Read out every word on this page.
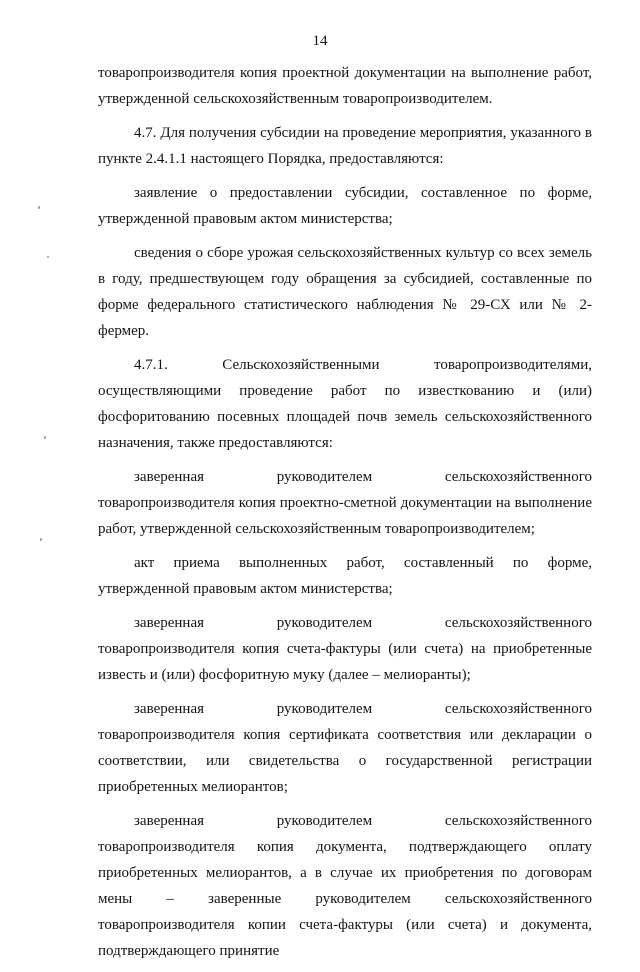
14

товаропроизводителя копия проектной документации на выполнение работ, утвержденной сельскохозяйственным товаропроизводителем.

4.7. Для получения субсидии на проведение мероприятия, указанного в пункте 2.4.1.1 настоящего Порядка, предоставляются:

заявление о предоставлении субсидии, составленное по форме, утвержденной правовым актом министерства;

сведения о сборе урожая сельскохозяйственных культур со всех земель в году, предшествующем году обращения за субсидией, составленные по форме федерального статистического наблюдения № 29-СХ или № 2-фермер.

4.7.1. Сельскохозяйственными товаропроизводителями, осуществляющими проведение работ по известкованию и (или) фосфоритованию посевных площадей почв земель сельскохозяйственного назначения, также предоставляются:

заверенная руководителем сельскохозяйственного товаропроизводителя копия проектно-сметной документации на выполнение работ, утвержденной сельскохозяйственным товаропроизводителем;

акт приема выполненных работ, составленный по форме, утвержденной правовым актом министерства;

заверенная руководителем сельскохозяйственного товаропроизводителя копия счета-фактуры (или счета) на приобретенные известь и (или) фосфоритную муку (далее – мелиоранты);

заверенная руководителем сельскохозяйственного товаропроизводителя копия сертификата соответствия или декларации о соответствии, или свидетельства о государственной регистрации приобретенных мелиорантов;

заверенная руководителем сельскохозяйственного товаропроизводителя копия документа, подтверждающего оплату приобретенных мелиорантов, а в случае их приобретения по договорам мены – заверенные руководителем сельскохозяйственного товаропроизводителя копии счета-фактуры (или счета) и документа, подтверждающего принятие
